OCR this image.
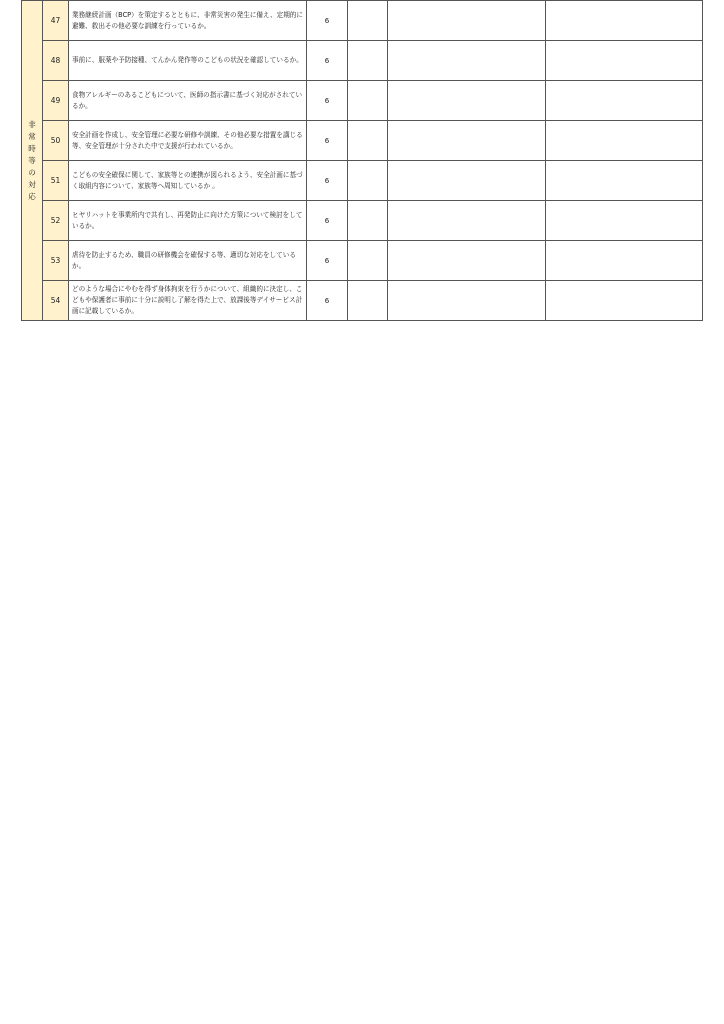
非常時等の対応	47	業務継続計画（BCP）を策定するとともに、非常災害の発生に備え、定期的に避難、救出その他必要な訓練を行っているか。	6			
	48	事前に、服薬や予防接種、てんかん発作等のこどもの状況を確認しているか。	6			
	49	食物アレルギーのあるこどもについて、医師の指示書に基づく対応がされているか。	6			
	50	安全計画を作成し、安全管理に必要な研修や訓練、その他必要な措置を講じる等、安全管理が十分された中で支援が行われているか。	6			
	51	こどもの安全確保に関して、家族等との連携が図られるよう、安全計画に基づく取組内容について、家族等へ周知しているか 。	6			
	52	ヒヤリハットを事業所内で共有し、再発防止に向けた方策について検討をしているか。	6			
	53	虐待を防止するため、職員の研修機会を確保する等、適切な対応をしているか。	6			
	54	どのような場合にやむを得ず身体拘束を行うかについて、組織的に決定し、こどもや保護者に事前に十分に説明し了解を得た上で、放課後等デイサービス計画に記載しているか。	6			
